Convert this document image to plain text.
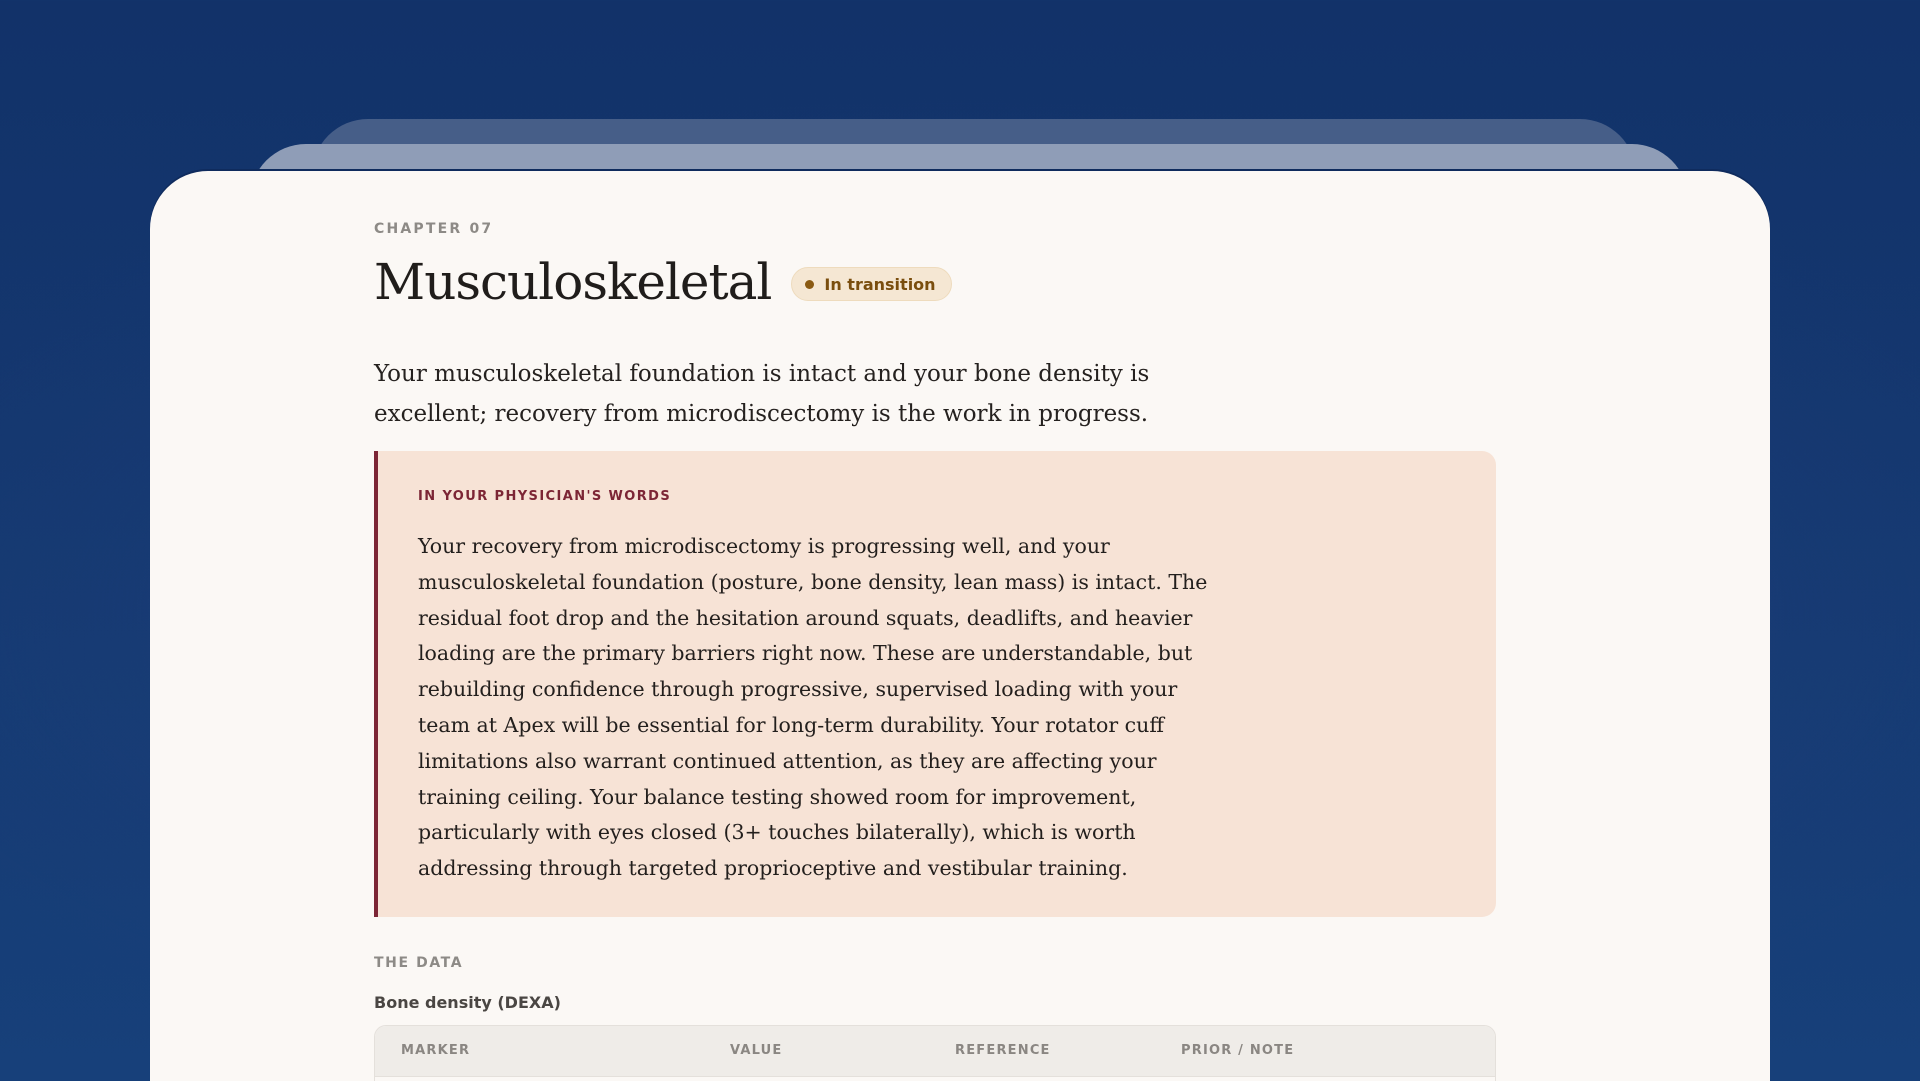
CHAPTER 07
Musculoskeletal	In transition

Your musculoskeletal foundation is intact and your bone density is excellent; recovery from microdiscectomy is the work in progress.

IN YOUR PHYSICIAN'S WORDS
Your recovery from microdiscectomy is progressing well, and your musculoskeletal foundation (posture, bone density, lean mass) is intact. The residual foot drop and the hesitation around squats, deadlifts, and heavier loading are the primary barriers right now. These are understandable, but rebuilding confidence through progressive, supervised loading with your team at Apex will be essential for long-term durability. Your rotator cuff limitations also warrant continued attention, as they are affecting your training ceiling. Your balance testing showed room for improvement, particularly with eyes closed (3+ touches bilaterally), which is worth addressing through targeted proprioceptive and vestibular training.
THE DATA
Bone density (DEXA)
MARKER	VALUE	REFERENCE	PRIOR / NOTE
